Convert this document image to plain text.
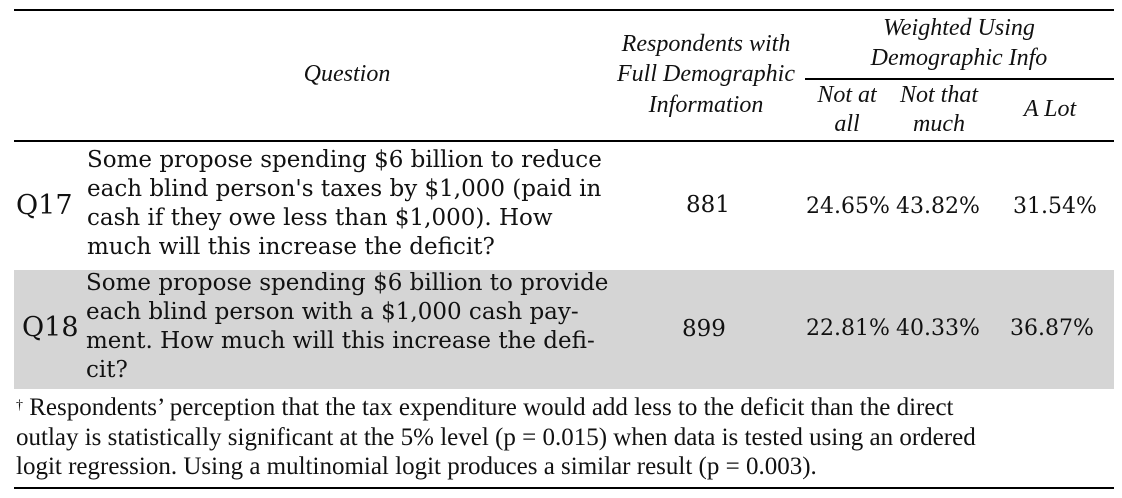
Question
Respondents with
Full Demographic
Information
Weighted Using
Demographic Info
Not at
all
Not that
much
A Lot
Q17
Some propose spending $6 billion to reduce
each blind person's taxes by $1,000 (paid in
cash if they owe less than $1,000). How
much will this increase the deficit?
881	24.65% 43.82% 31.54%
Q18
Some propose spending $6 billion to provide
each blind person with a $1,000 cash pay-
ment. How much will this increase the defi-
cit?
899	22.81% 40.33% 36.87%
† Respondents’ perception that the tax expenditure would add less to the deficit than the direct
outlay is statistically significant at the 5% level (p = 0.015) when data is tested using an ordered
logit regression. Using a multinomial logit produces a similar result (p = 0.003).
